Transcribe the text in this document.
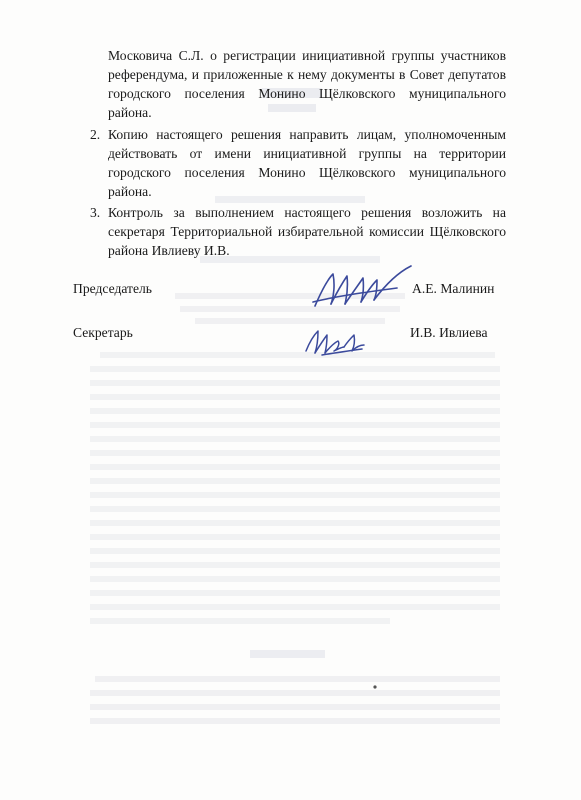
Московича С.Л. о регистрации инициативной группы участников референдума, и приложенные к нему документы в Совет депутатов городского поселения Монино Щёлковского муниципального района.

2. Копию настоящего решения направить лицам, уполномоченным действовать от имени инициативной группы на территории городского поселения Монино Щёлковского муниципального района.

3. Контроль за выполнением настоящего решения возложить на секретаря Территориальной избирательной комиссии Щёлковского района Ивлиеву И.В.

Председатель	А.Е. Малинин
Секретарь	И.В. Ивлиева
